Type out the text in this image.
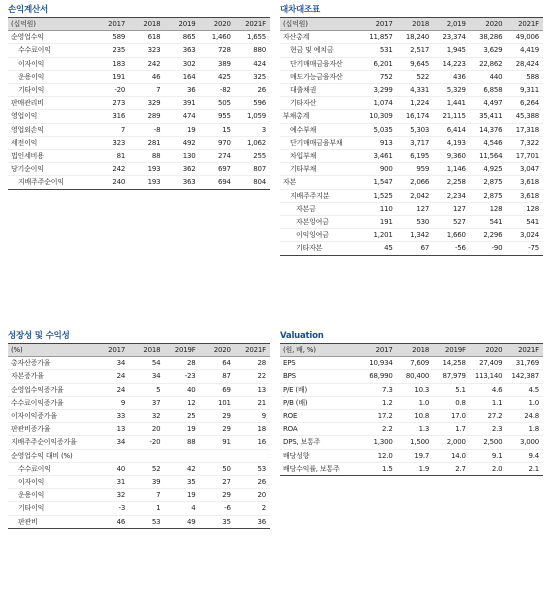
손익계산서
(십억원)	2017	2018	2019	2020	2021F
순영업수익	589	618	865	1,460	1,655
수수료이익	235	323	363	728	880
이자이익	183	242	302	389	424
운용이익	191	46	164	425	325
기타이익	-20	7	36	-82	26
판매관리비	273	329	391	505	596
영업이익	316	289	474	955	1,059
영업외손익	7	-8	19	15	3
세전이익	323	281	492	970	1,062
법인세비용	81	88	130	274	255
당기순이익	242	193	362	697	807
지배주주순이익	240	193	363	694	804
대차대조표
(십억원)	2017	2018	2,019	2020	2021F
자산총계	11,857	18,240	23,374	38,286	49,006
현금 및 예치금	531	2,517	1,945	3,629	4,419
단기매매금융자산	6,201	9,645	14,223	22,862	28,424
매도가능금융자산	752	522	436	440	588
대출채권	3,299	4,331	5,329	6,858	9,311
기타자산	1,074	1,224	1,441	4,497	6,264
부채총계	10,309	16,174	21,115	35,411	45,388
예수부채	5,035	5,303	6,414	14,376	17,318
단기매매금융부채	913	3,717	4,193	4,546	7,322
차입부채	3,461	6,195	9,360	11,564	17,701
기타부채	900	959	1,146	4,925	3,047
자본	1,547	2,066	2,258	2,875	3,618
지배주주지분	1,525	2,042	2,234	2,875	3,618
자본금	110	127	127	128	128
자본잉여금	191	530	527	541	541
이익잉여금	1,201	1,342	1,660	2,296	3,024
기타자본	45	67	-56	-90	-75
성장성 및 수익성
(%)	2017	2018	2019F	2020	2021F
총자산증가율	34	54	28	64	28
자본증가율	24	34	-23	87	22
순영업수익증가율	24	5	40	69	13
수수료이익증가율	9	37	12	101	21
이자이익증가율	33	32	25	29	9
판관비증가율	13	20	19	29	18
지배주주순이익증가율	34	-20	88	91	16
순영업수익 대비 (%)					
수수료이익	40	52	42	50	53
이자이익	31	39	35	27	26
운용이익	32	7	19	29	20
기타이익	-3	1	4	-6	2
판관비	46	53	49	35	36
Valuation
(원, 배, %)	2017	2018	2019F	2020	2021F
EPS	10,934	7,609	14,258	27,409	31,769
BPS	68,990	80,400	87,979	113,140	142,387
P/E (배)	7.3	10.3	5.1	4.6	4.5
P/B (배)	1.2	1.0	0.8	1.1	1.0
ROE	17.2	10.8	17.0	27.2	24.8
ROA	2.2	1.3	1.7	2.3	1.8
DPS, 보통주	1,300	1,500	2,000	2,500	3,000
배당성향	12.0	19.7	14.0	9.1	9.4
배당수익률, 보통주	1.5	1.9	2.7	2.0	2.1
